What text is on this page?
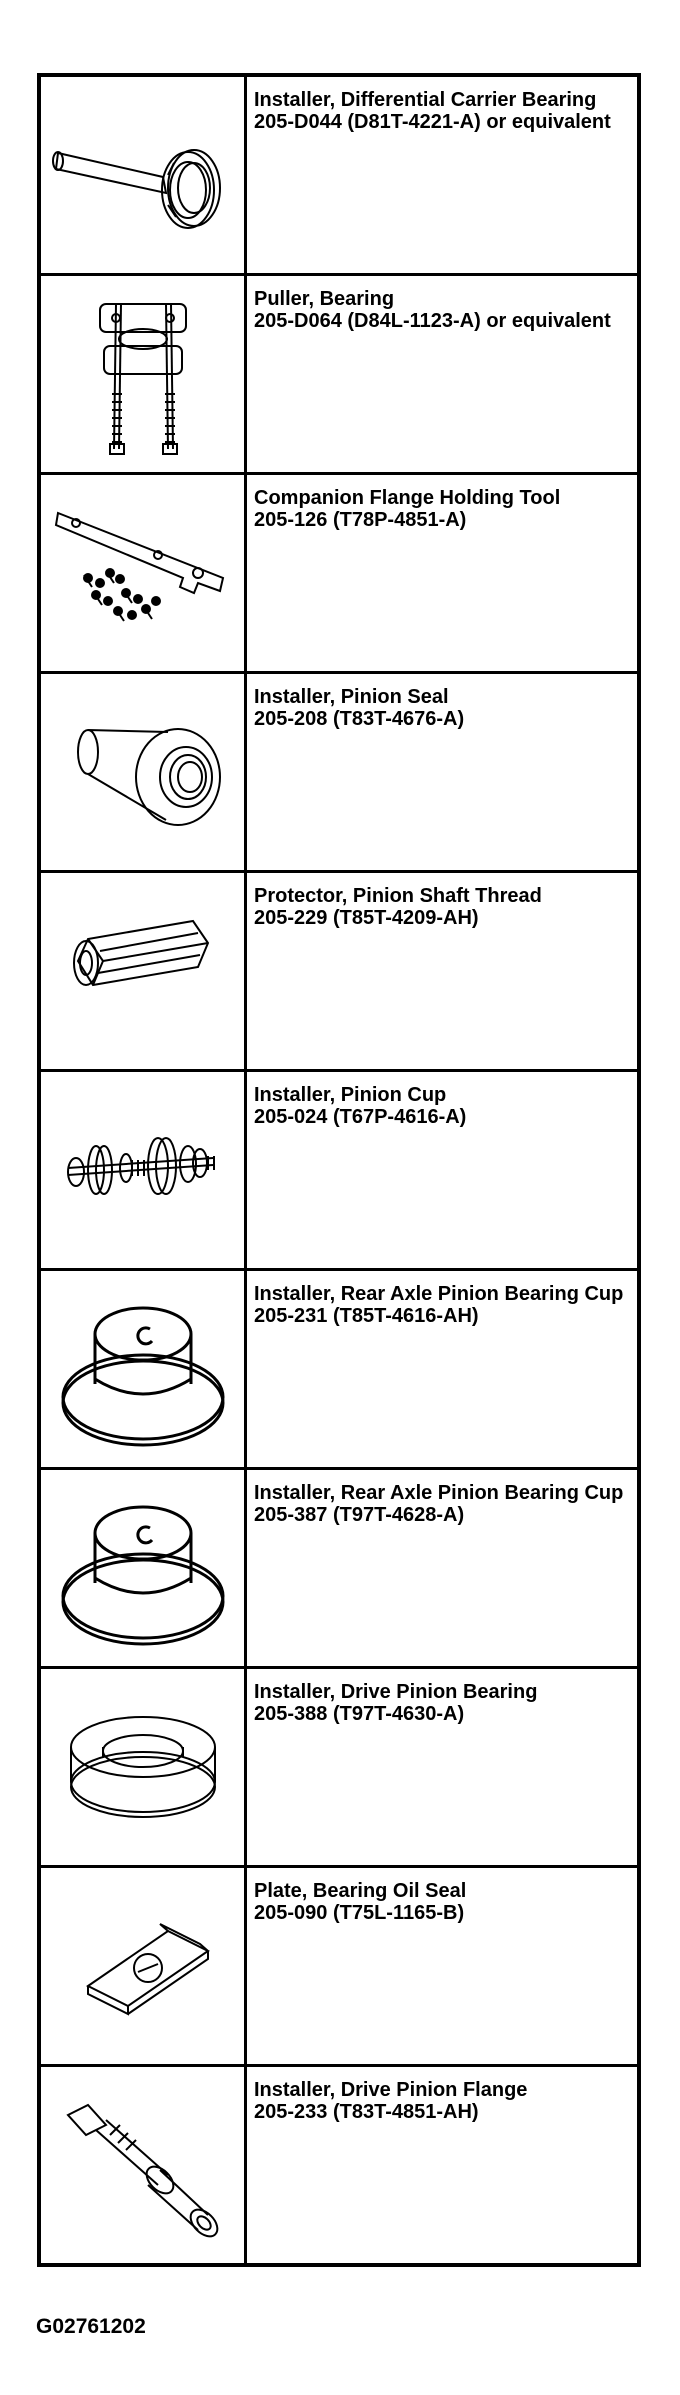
Installer, Differential Carrier Bearing
205-D044 (D81T-4221-A) or equivalent
Puller, Bearing
205-D064 (D84L-1123-A) or equivalent
Companion Flange Holding Tool
205-126 (T78P-4851-A)
Installer, Pinion Seal
205-208 (T83T-4676-A)
Protector, Pinion Shaft Thread
205-229 (T85T-4209-AH)
Installer, Pinion Cup
205-024 (T67P-4616-A)
Installer, Rear Axle Pinion Bearing Cup
205-231 (T85T-4616-AH)
Installer, Rear Axle Pinion Bearing Cup
205-387 (T97T-4628-A)
Installer, Drive Pinion Bearing
205-388 (T97T-4630-A)
Plate, Bearing Oil Seal
205-090 (T75L-1165-B)
Installer, Drive Pinion Flange
205-233 (T83T-4851-AH)
G02761202
